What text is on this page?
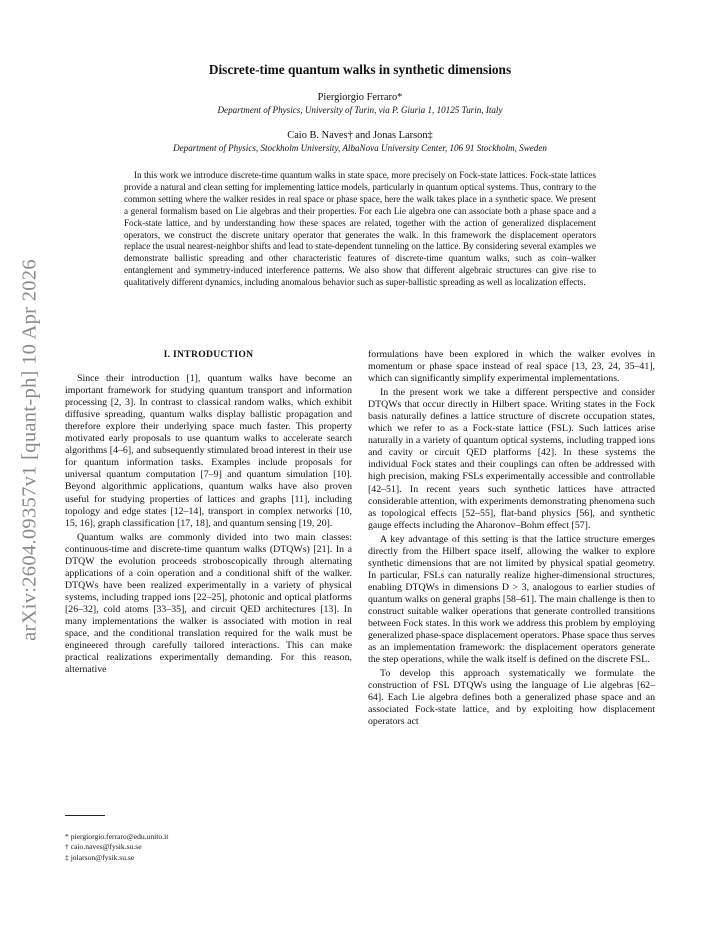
arXiv:2604.09357v1 [quant-ph] 10 Apr 2026
Discrete-time quantum walks in synthetic dimensions
Piergiorgio Ferraro*
Department of Physics, University of Turin, via P. Giuria 1, 10125 Turin, Italy
Caio B. Naves† and Jonas Larson‡
Department of Physics, Stockholm University, AlbaNova University Center, 106 91 Stockholm, Sweden
In this work we introduce discrete-time quantum walks in state space, more precisely on Fock-state lattices. Fock-state lattices provide a natural and clean setting for implementing lattice models, particularly in quantum optical systems. Thus, contrary to the common setting where the walker resides in real space or phase space, here the walk takes place in a synthetic space. We present a general formalism based on Lie algebras and their properties. For each Lie algebra one can associate both a phase space and a Fock-state lattice, and by understanding how these spaces are related, together with the action of generalized displacement operators, we construct the discrete unitary operator that generates the walk. In this framework the displacement operators replace the usual nearest-neighbor shifts and lead to state-dependent tunneling on the lattice. By considering several examples we demonstrate ballistic spreading and other characteristic features of discrete-time quantum walks, such as coin–walker entanglement and symmetry-induced interference patterns. We also show that different algebraic structures can give rise to qualitatively different dynamics, including anomalous behavior such as super-ballistic spreading as well as localization effects.
I. INTRODUCTION

Since their introduction [1], quantum walks have become an important framework for studying quantum transport and information processing [2, 3]. In contrast to classical random walks, which exhibit diffusive spreading, quantum walks display ballistic propagation and therefore explore their underlying space much faster. This property motivated early proposals to use quantum walks to accelerate search algorithms [4–6], and subsequently stimulated broad interest in their use for quantum information tasks. Examples include proposals for universal quantum computation [7–9] and quantum simulation [10]. Beyond algorithmic applications, quantum walks have also proven useful for studying properties of lattices and graphs [11], including topology and edge states [12–14], transport in complex networks [10, 15, 16], graph classification [17, 18], and quantum sensing [19, 20].

Quantum walks are commonly divided into two main classes: continuous-time and discrete-time quantum walks (DTQWs) [21]. In a DTQW the evolution proceeds stroboscopically through alternating applications of a coin operation and a conditional shift of the walker. DTQWs have been realized experimentally in a variety of physical systems, including trapped ions [22–25], photonic and optical platforms [26–32], cold atoms [33–35], and circuit QED architectures [13]. In many implementations the walker is associated with motion in real space, and the conditional translation required for the walk must be engineered through carefully tailored interactions. This can make practical realizations experimentally demanding. For this reason, alternative

formulations have been explored in which the walker evolves in momentum or phase space instead of real space [13, 23, 24, 35–41], which can significantly simplify experimental implementations.

In the present work we take a different perspective and consider DTQWs that occur directly in Hilbert space. Writing states in the Fock basis naturally defines a lattice structure of discrete occupation states, which we refer to as a Fock-state lattice (FSL). Such lattices arise naturally in a variety of quantum optical systems, including trapped ions and cavity or circuit QED platforms [42]. In these systems the individual Fock states and their couplings can often be addressed with high precision, making FSLs experimentally accessible and controllable [42–51]. In recent years such synthetic lattices have attracted considerable attention, with experiments demonstrating phenomena such as topological effects [52–55], flat-band physics [56], and synthetic gauge effects including the Aharonov–Bohm effect [57].

A key advantage of this setting is that the lattice structure emerges directly from the Hilbert space itself, allowing the walker to explore synthetic dimensions that are not limited by physical spatial geometry. In particular, FSLs can naturally realize higher-dimensional structures, enabling DTQWs in dimensions D > 3, analogous to earlier studies of quantum walks on general graphs [58–61]. The main challenge is then to construct suitable walker operations that generate controlled transitions between Fock states. In this work we address this problem by employing generalized phase-space displacement operators. Phase space thus serves as an implementation framework: the displacement operators generate the step operations, while the walk itself is defined on the discrete FSL.

To develop this approach systematically we formulate the construction of FSL DTQWs using the language of Lie algebras [62–64]. Each Lie algebra defines both a generalized phase space and an associated Fock-state lattice, and by exploiting how displacement operators act

* piergiorgio.ferraro@edu.unito.it
† caio.naves@fysik.su.se
‡ jolarson@fysik.su.se
